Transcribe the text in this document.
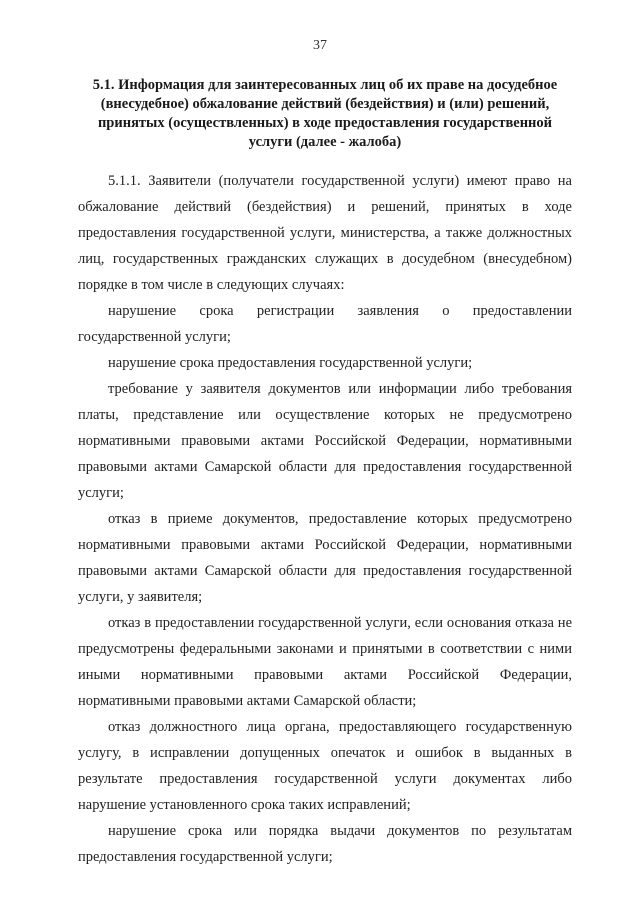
37
5.1. Информация для заинтересованных лиц об их праве на досудебное (внесудебное) обжалование действий (бездействия) и (или) решений, принятых (осуществленных) в ходе предоставления государственной услуги (далее - жалоба)

5.1.1. Заявители (получатели государственной услуги) имеют право на обжалование действий (бездействия) и решений, принятых в ходе предоставления государственной услуги, министерства, а также должностных лиц, государственных гражданских служащих в досудебном (внесудебном) порядке в том числе в следующих случаях:

нарушение срока регистрации заявления о предоставлении государственной услуги;

нарушение срока предоставления государственной услуги;

требование у заявителя документов или информации либо требования платы, представление или осуществление которых не предусмотрено нормативными правовыми актами Российской Федерации, нормативными правовыми актами Самарской области для предоставления государственной услуги;

отказ в приеме документов, предоставление которых предусмотрено нормативными правовыми актами Российской Федерации, нормативными правовыми актами Самарской области для предоставления государственной услуги, у заявителя;

отказ в предоставлении государственной услуги, если основания отказа не предусмотрены федеральными законами и принятыми в соответствии с ними иными нормативными правовыми актами Российской Федерации, нормативными правовыми актами Самарской области;

отказ должностного лица органа, предоставляющего государственную услугу, в исправлении допущенных опечаток и ошибок в выданных в результате предоставления государственной услуги документах либо нарушение установленного срока таких исправлений;

нарушение срока или порядка выдачи документов по результатам предоставления государственной услуги;
